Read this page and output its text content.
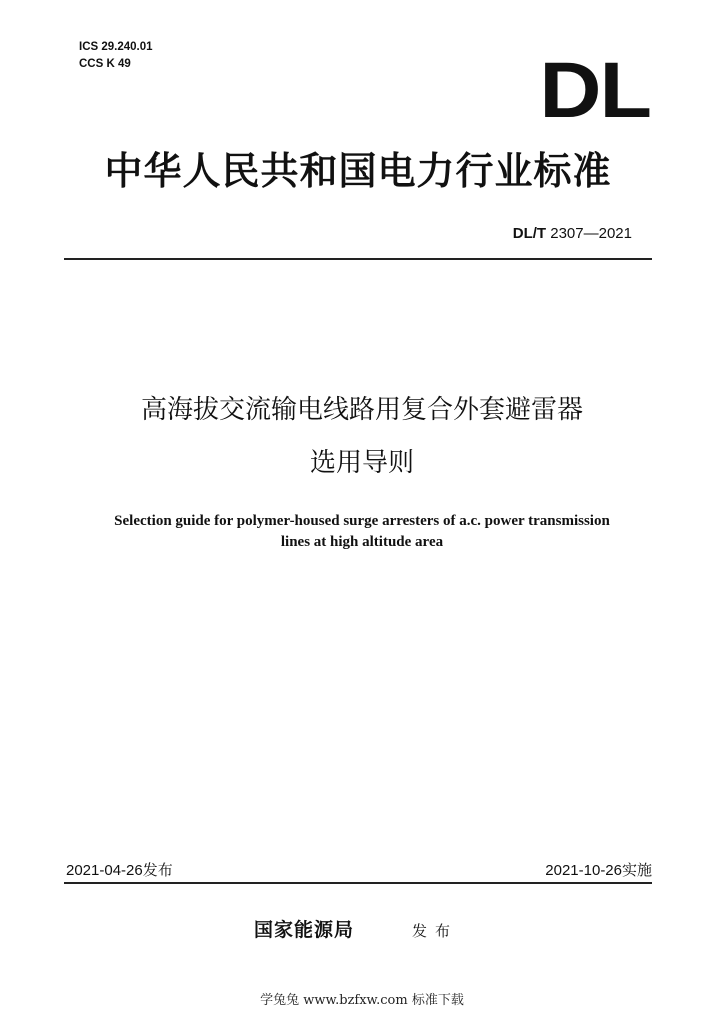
ICS 29.240.01
CCS K 49	DL
中华人民共和国电力行业标准
DL/T 2307—2021
高海拔交流输电线路用复合外套避雷器
选用导则
Selection guide for polymer-housed surge arresters of a.c. power transmission
lines at high altitude area
2021-04-26发布	2021-10-26实施
国家能源局	发布
学兔兔 www.bzfxw.com 标准下载
